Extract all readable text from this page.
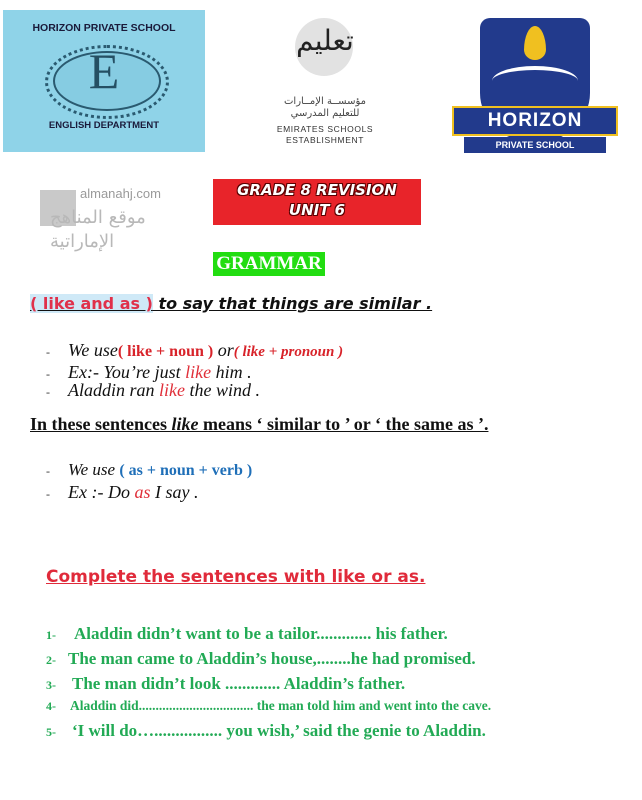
HORIZON PRIVATE SCHOOL
E
ENGLISH DEPARTMENT
تعليم
مؤسســة الإمــارات للتعليم المدرسي
EMIRATES SCHOOLS ESTABLISHMENT
HORIZON
PRIVATE SCHOOL
almanahj.com
موقع المناهج الإماراتية
GRADE 8 REVISION
UNIT 6
GRAMMAR
( like and as ) to say that things are similar .
- We use( like + noun ) or( like + pronoun )
- Ex:- You’re just like him .
- Aladdin ran like the wind .
In these sentences like means ‘ similar to ’ or ‘ the same as ’.
- We use ( as + noun + verb )
- Ex :- Do as I say .
Complete the sentences with like or as.
1- Aladdin didn’t want to be a tailor............. his father.
2- The man came to Aladdin’s house,........he had promised.
3- The man didn’t look ............. Aladdin’s father.
4- Aladdin did.................................. the man told him and went into the cave.
5- ‘I will do…................ you wish,’ said the genie to Aladdin.
